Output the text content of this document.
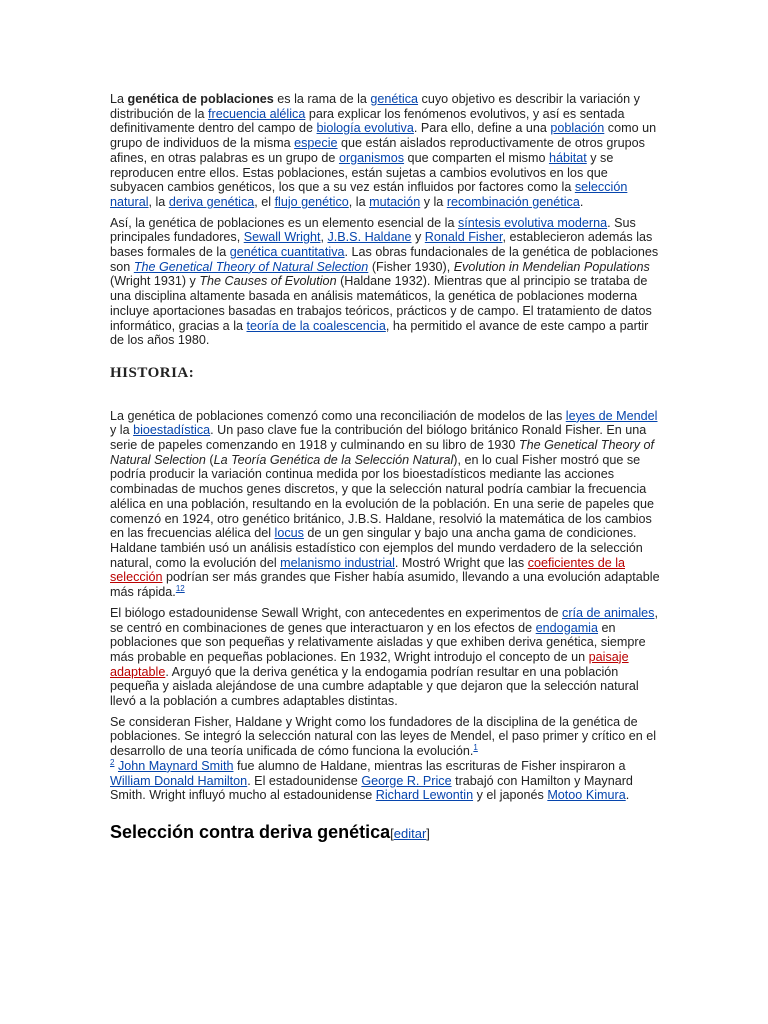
La genética de poblaciones es la rama de la genética cuyo objetivo es describir la variación y distribución de la frecuencia alélica para explicar los fenómenos evolutivos, y así es sentada definitivamente dentro del campo de biología evolutiva. Para ello, define a una población como un grupo de individuos de la misma especie que están aislados reproductivamente de otros grupos afines, en otras palabras es un grupo de organismos que comparten el mismo hábitat y se reproducen entre ellos. Estas poblaciones, están sujetas a cambios evolutivos en los que subyacen cambios genéticos, los que a su vez están influidos por factores como la selección natural, la deriva genética, el flujo genético, la mutación y la recombinación genética.

Así, la genética de poblaciones es un elemento esencial de la síntesis evolutiva moderna. Sus principales fundadores, Sewall Wright, J.B.S. Haldane y Ronald Fisher, establecieron además las bases formales de la genética cuantitativa. Las obras fundacionales de la genética de poblaciones son The Genetical Theory of Natural Selection (Fisher 1930), Evolution in Mendelian Populations (Wright 1931) y The Causes of Evolution (Haldane 1932). Mientras que al principio se trataba de una disciplina altamente basada en análisis matemáticos, la genética de poblaciones moderna incluye aportaciones basadas en trabajos teóricos, prácticos y de campo. El tratamiento de datos informático, gracias a la teoría de la coalescencia, ha permitido el avance de este campo a partir de los años 1980.

HISTORIA:

La genética de poblaciones comenzó como una reconciliación de modelos de las leyes de Mendel y la bioestadística. Un paso clave fue la contribución del biólogo británico Ronald Fisher. En una serie de papeles comenzando en 1918 y culminando en su libro de 1930 The Genetical Theory of Natural Selection (La Teoría Genética de la Selección Natural), en lo cual Fisher mostró que se podría producir la variación continua medida por los bioestadísticos mediante las acciones combinadas de muchos genes discretos, y que la selección natural podría cambiar la frecuencia alélica en una población, resultando en la evolución de la población. En una serie de papeles que comenzó en 1924, otro genético británico, J.B.S. Haldane, resolvió la matemática de los cambios en las frecuencias alélica del locus de un gen singular y bajo una ancha gama de condiciones. Haldane también usó un análisis estadístico con ejemplos del mundo verdadero de la selección natural, como la evolución del melanismo industrial. Mostró Wright que las coeficientes de la selección podrían ser más grandes que Fisher había asumido, llevando a una evolución adaptable más rápida.$^{12}$

El biólogo estadounidense Sewall Wright, con antecedentes en experimentos de cría de animales, se centró en combinaciones de genes que interactuaron y en los efectos de endogamia en poblaciones que son pequeñas y relativamente aisladas y que exhiben deriva genética, siempre más probable en pequeñas poblaciones. En 1932, Wright introdujo el concepto de un paisaje adaptable. Arguyó que la deriva genética y la endogamia podrían resultar en una población pequeña y aislada alejándose de una cumbre adaptable y que dejaron que la selección natural llevó a la población a cumbres adaptables distintas.

Se consideran Fisher, Haldane y Wright como los fundadores de la disciplina de la genética de poblaciones. Se integró la selección natural con las leyes de Mendel, el paso primer y crítico en el desarrollo de una teoría unificada de cómo funciona la evolución.$^1$
$^2$ John Maynard Smith fue alumno de Haldane, mientras las escrituras de Fisher inspiraron a William Donald Hamilton. El estadounidense George R. Price trabajó con Hamilton y Maynard Smith. Wright influyó mucho al estadounidense Richard Lewontin y el japonés Motoo Kimura.

Selección contra deriva genética[editar]
